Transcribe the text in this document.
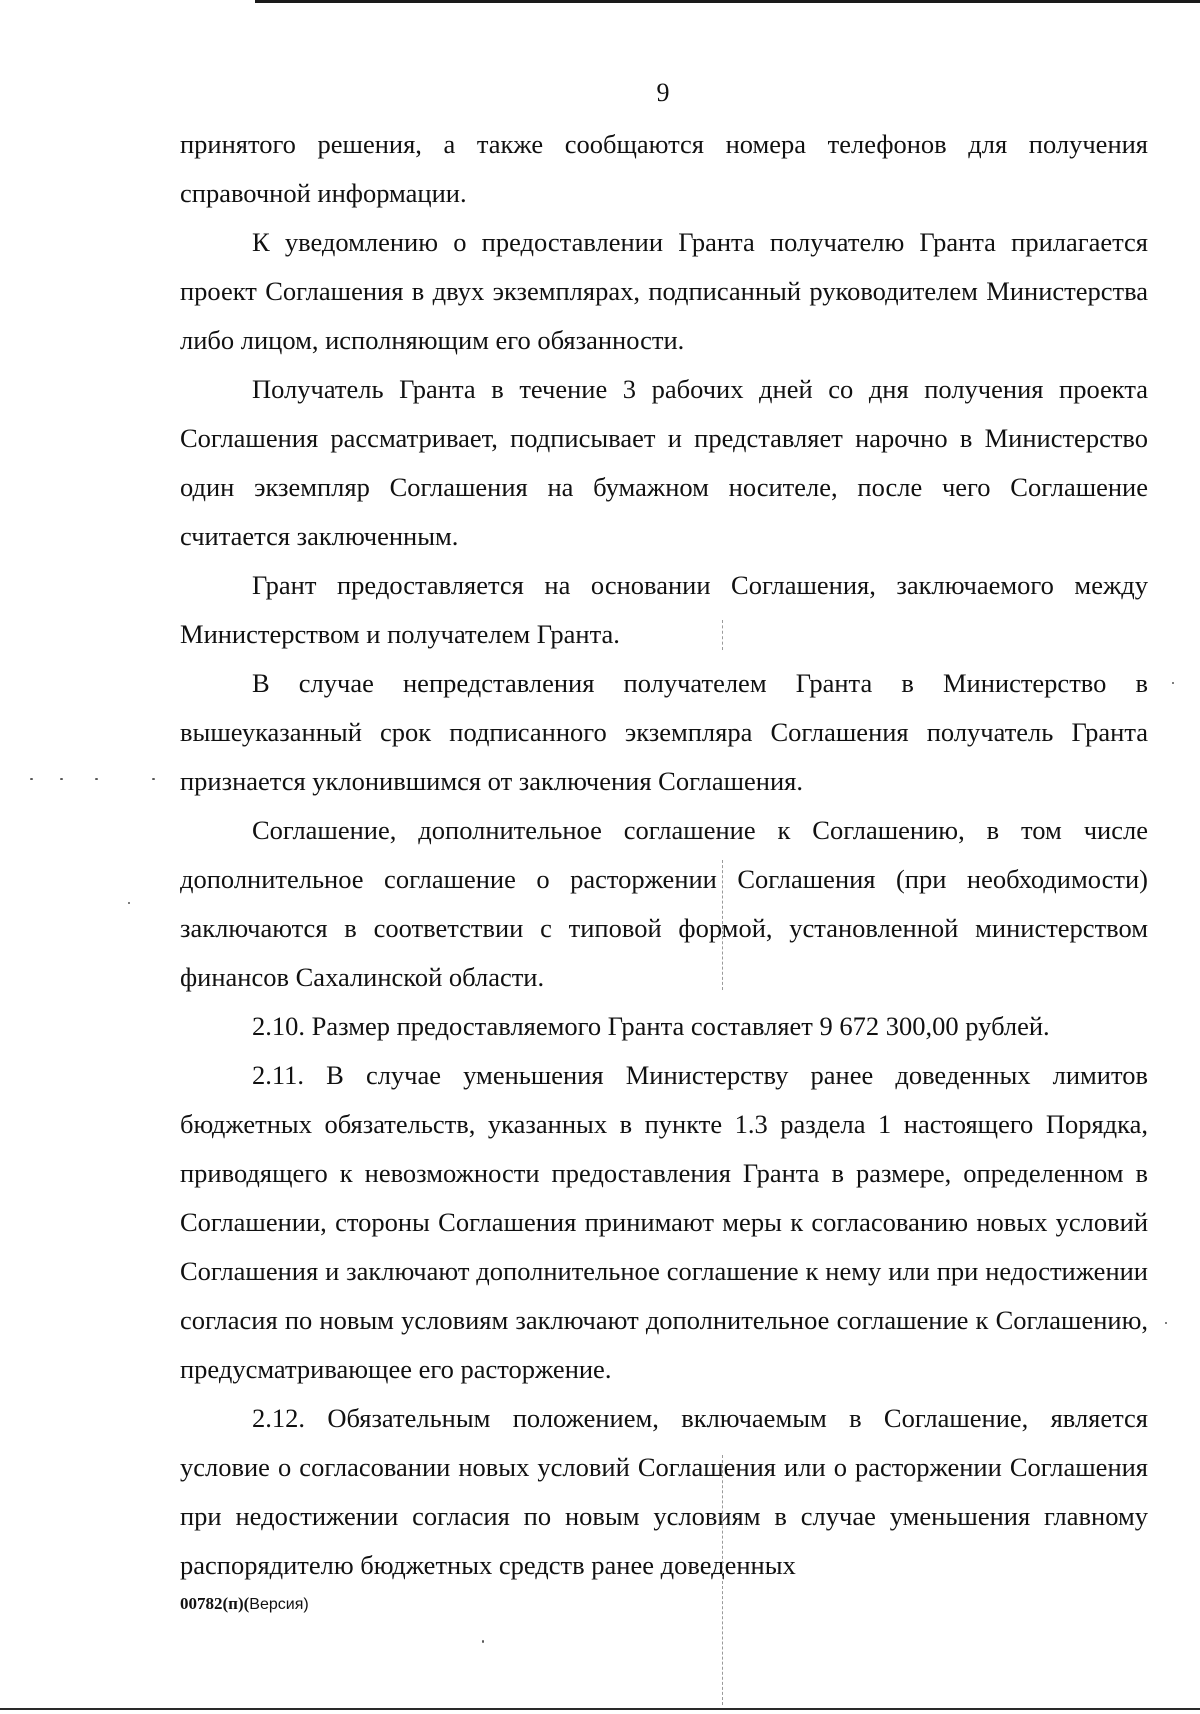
9

принятого решения, а также сообщаются номера телефонов для получения справочной информации.

К уведомлению о предоставлении Гранта получателю Гранта прилагается проект Соглашения в двух экземплярах, подписанный руководителем Министерства либо лицом, исполняющим его обязанности.

Получатель Гранта в течение 3 рабочих дней со дня получения проекта Соглашения рассматривает, подписывает и представляет нарочно в Министерство один экземпляр Соглашения на бумажном носителе, после чего Соглашение считается заключенным.

Грант предоставляется на основании Соглашения, заключаемого между Министерством и получателем Гранта.

В случае непредставления получателем Гранта в Министерство в вышеуказанный срок подписанного экземпляра Соглашения получатель Гранта признается уклонившимся от заключения Соглашения.

Соглашение, дополнительное соглашение к Соглашению, в том числе дополнительное соглашение о расторжении Соглашения (при необходимости) заключаются в соответствии с типовой формой, установленной министерством финансов Сахалинской области.

2.10. Размер предоставляемого Гранта составляет 9 672 300,00 рублей.

2.11. В случае уменьшения Министерству ранее доведенных лимитов бюджетных обязательств, указанных в пункте 1.3 раздела 1 настоящего Порядка, приводящего к невозможности предоставления Гранта в размере, определенном в Соглашении, стороны Соглашения принимают меры к согласованию новых условий Соглашения и заключают дополнительное соглашение к нему или при недостижении согласия по новым условиям заключают дополнительное соглашение к Соглашению, предусматривающее его расторжение.

2.12. Обязательным положением, включаемым в Соглашение, является условие о согласовании новых условий Соглашения или о расторжении Соглашения при недостижении согласия по новым условиям в случае уменьшения главному распорядителю бюджетных средств ранее доведенных

00782(п)(Версия)
